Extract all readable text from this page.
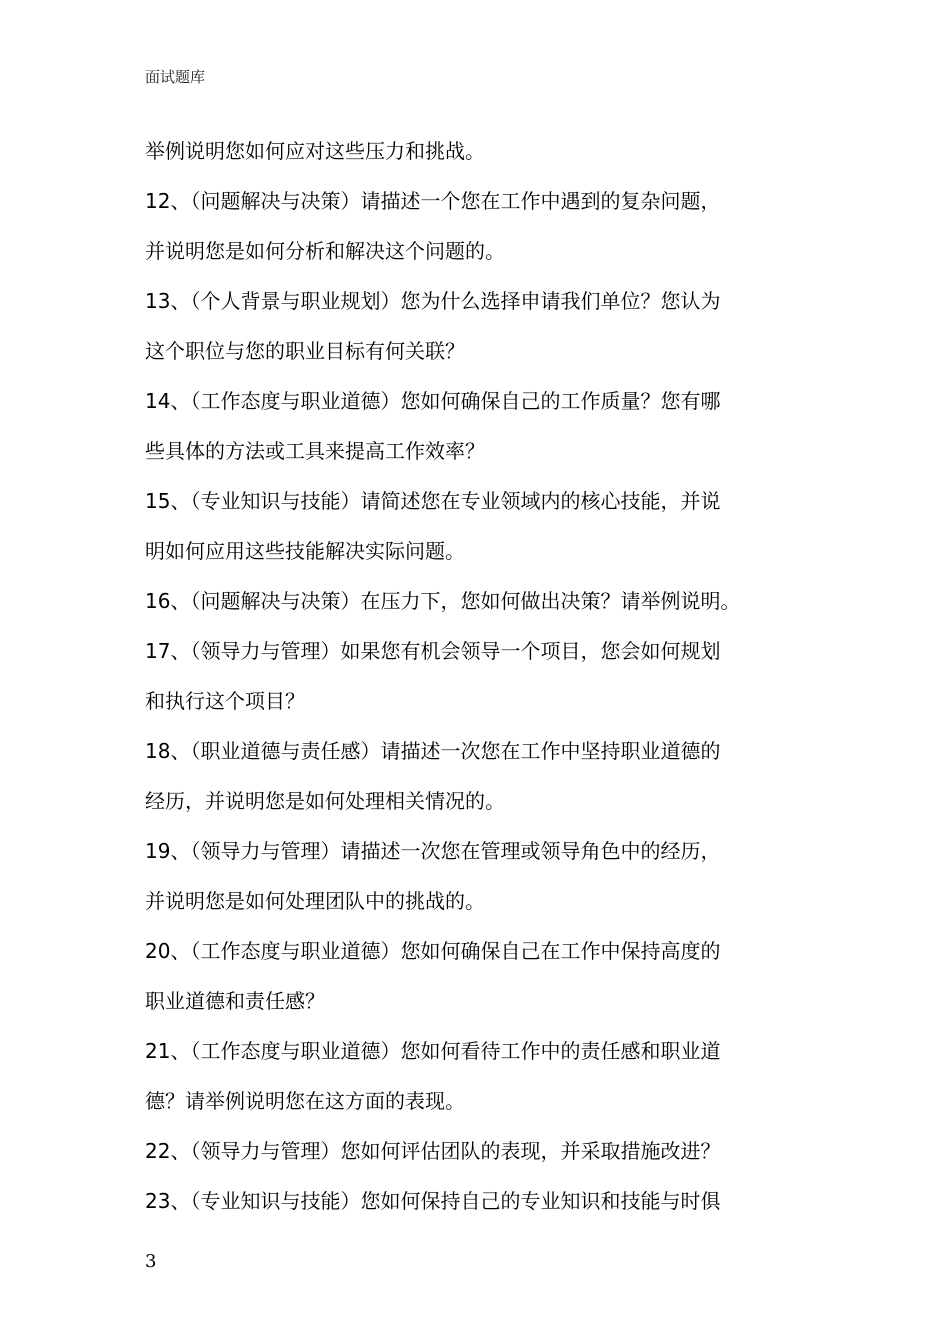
面试题库
举例说明您如何应对这些压力和挑战。
12、（问题解决与决策）请描述一个您在工作中遇到的复杂问题，
并说明您是如何分析和解决这个问题的。
13、（个人背景与职业规划）您为什么选择申请我们单位？您认为
这个职位与您的职业目标有何关联？
14、（工作态度与职业道德）您如何确保自己的工作质量？您有哪
些具体的方法或工具来提高工作效率？
15、（专业知识与技能）请简述您在专业领域内的核心技能，并说
明如何应用这些技能解决实际问题。
16、（问题解决与决策）在压力下，您如何做出决策？请举例说明。
17、（领导力与管理）如果您有机会领导一个项目，您会如何规划
和执行这个项目？
18、（职业道德与责任感）请描述一次您在工作中坚持职业道德的
经历，并说明您是如何处理相关情况的。
19、（领导力与管理）请描述一次您在管理或领导角色中的经历，
并说明您是如何处理团队中的挑战的。
20、（工作态度与职业道德）您如何确保自己在工作中保持高度的
职业道德和责任感？
21、（工作态度与职业道德）您如何看待工作中的责任感和职业道
德？请举例说明您在这方面的表现。
22、（领导力与管理）您如何评估团队的表现，并采取措施改进？
23、（专业知识与技能）您如何保持自己的专业知识和技能与时俱
3
